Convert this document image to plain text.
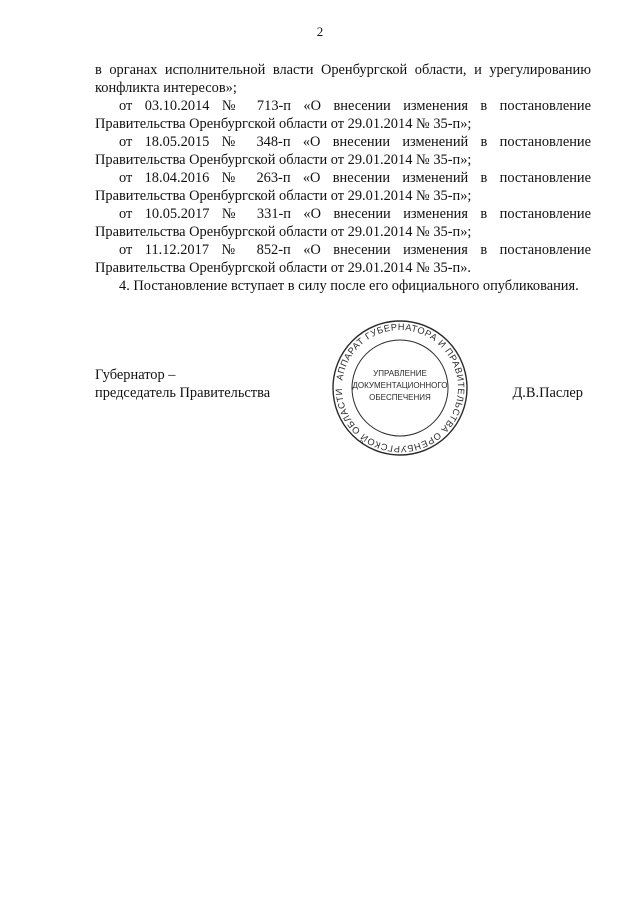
2

в органах исполнительной власти Оренбургской области, и урегулированию конфликта интересов»;

от 03.10.2014 № 713-п «О внесении изменения в постановление Правительства Оренбургской области от 29.01.2014 № 35-п»;

от 18.05.2015 № 348-п «О внесении изменений в постановление Правительства Оренбургской области от 29.01.2014 № 35-п»;

от 18.04.2016 № 263-п «О внесении изменений в постановление Правительства Оренбургской области от 29.01.2014 № 35-п»;

от 10.05.2017 № 331-п «О внесении изменения в постановление Правительства Оренбургской области от 29.01.2014 № 35-п»;

от 11.12.2017 № 852-п «О внесении изменения в постановление Правительства Оренбургской области от 29.01.2014 № 35-п».

4. Постановление вступает в силу после его официального опубликования.

Губернатор –
председатель Правительства	Д.В.Паслер
АППАРАТ ГУБЕРНАТОРА И ПРАВИТЕЛЬСТВА ОРЕНБУРГСКОЙ ОБЛАСТИ
УПРАВЛЕНИЕ
ДОКУМЕНТАЦИОННОГО
ОБЕСПЕЧЕНИЯ
